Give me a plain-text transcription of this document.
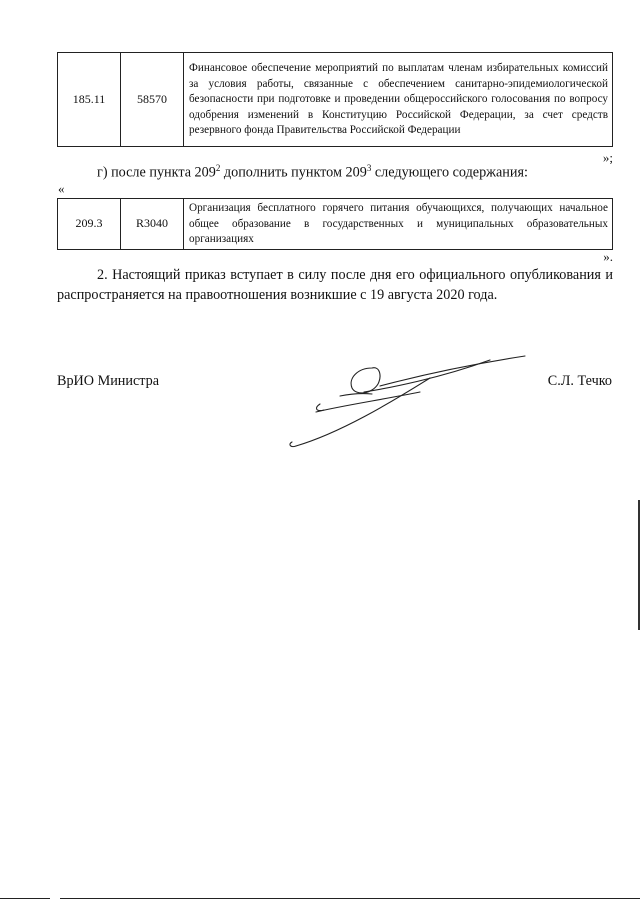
185.11	58570	Финансовое обеспечение мероприятий по выплатам членам избирательных комиссий за условия работы, связанные с обеспечением санитарно-эпидемиологической безопасности при подготовке и проведении общероссийского голосования по вопросу одобрения изменений в Конституцию Российской Федерации, за счет средств резервного фонда Правительства Российской Федерации
»;
г) после пункта $209^2$ дополнить пунктом $209^3$ следующего содержания:
«
209.3	R3040	Организация бесплатного горячего питания обучающихся, получающих начальное общее образование в государственных и муниципальных образовательных организациях
».
2. Настоящий приказ вступает в силу после дня его официального опубликования и распространяется на правоотношения возникшие с 19 августа 2020 года.
ВрИО Министра	С.Л. Течко
